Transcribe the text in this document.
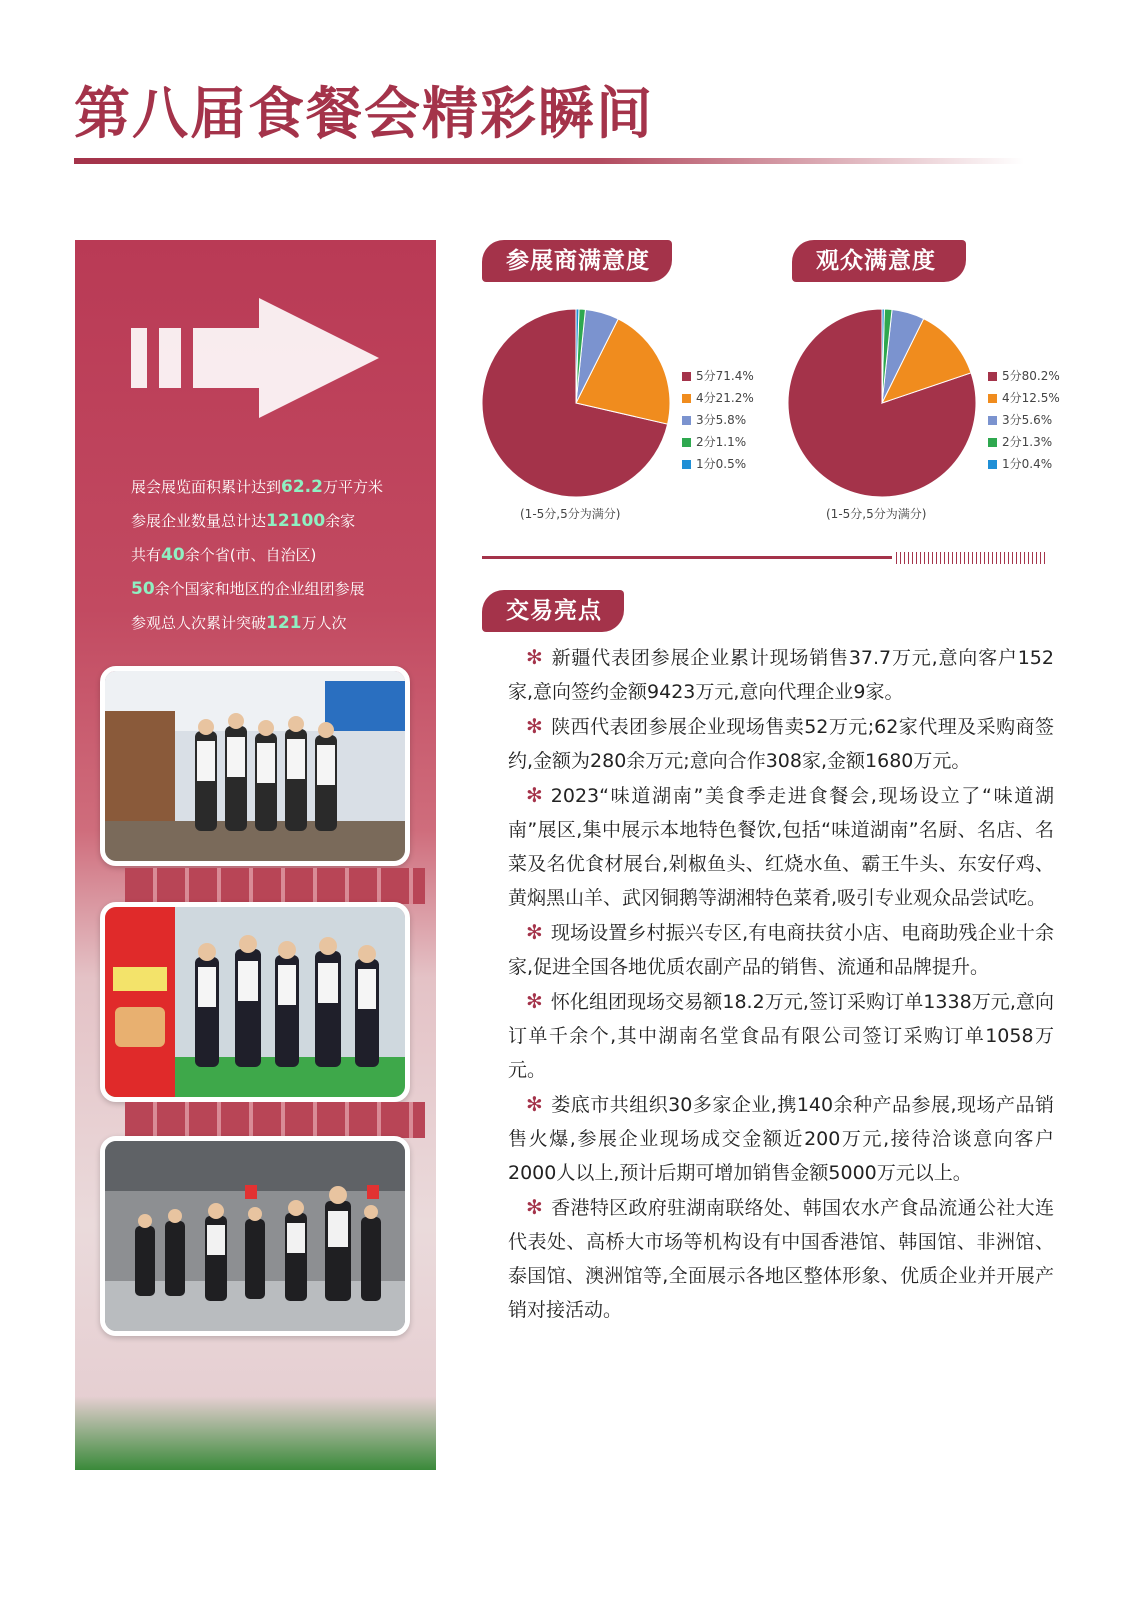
第八届食餐会精彩瞬间
展会展览面积累计达到62.2万平方米
参展企业数量总计达12100余家
共有40余个省(市、自治区)
50余个国家和地区的企业组团参展
参观总人次累计突破121万人次
参展商满意度	观众满意度
5分71.4%
4分21.2%
3分5.8%
2分1.1%
1分0.5%
(1-5分,5分为满分)
5分80.2%
4分12.5%
3分5.6%
2分1.3%
1分0.4%
(1-5分,5分为满分)
交易亮点

✻ 新疆代表团参展企业累计现场销售37.7万元,意向客户152家,意向签约金额9423万元,意向代理企业9家。

✻ 陕西代表团参展企业现场售卖52万元;62家代理及采购商签约,金额为280余万元;意向合作308家,金额1680万元。

✻ 2023“味道湖南”美食季走进食餐会,现场设立了“味道湖南”展区,集中展示本地特色餐饮,包括“味道湖南”名厨、名店、名菜及名优食材展台,剁椒鱼头、红烧水鱼、霸王牛头、东安仔鸡、黄焖黑山羊、武冈铜鹅等湖湘特色菜肴,吸引专业观众品尝试吃。

✻ 现场设置乡村振兴专区,有电商扶贫小店、电商助残企业十余家,促进全国各地优质农副产品的销售、流通和品牌提升。

✻ 怀化组团现场交易额18.2万元,签订采购订单1338万元,意向订单千余个,其中湖南名堂食品有限公司签订采购订单1058万元。

✻ 娄底市共组织30多家企业,携140余种产品参展,现场产品销售火爆,参展企业现场成交金额近200万元,接待洽谈意向客户2000人以上,预计后期可增加销售金额5000万元以上。

✻ 香港特区政府驻湖南联络处、韩国农水产食品流通公社大连代表处、高桥大市场等机构设有中国香港馆、韩国馆、非洲馆、泰国馆、澳洲馆等,全面展示各地区整体形象、优质企业并开展产销对接活动。
